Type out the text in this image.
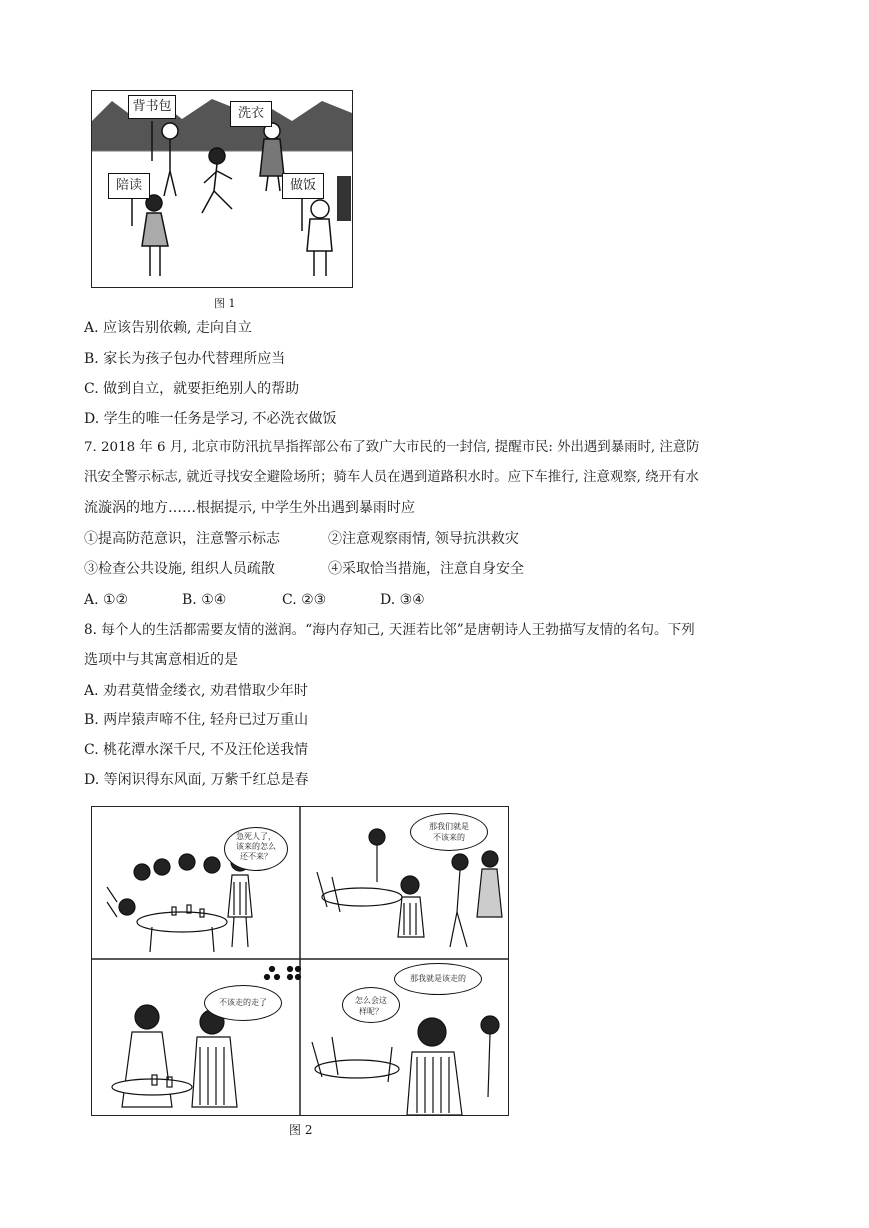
背书包	洗衣
陪读	做饭
图 1
A. 应该告别依赖, 走向自立
B. 家长为孩子包办代替理所应当
C. 做到自立，就要拒绝别人的帮助
D. 学生的唯一任务是学习, 不必洗衣做饭
7. 2018 年 6 月, 北京市防汛抗旱指挥部公布了致广大市民的一封信, 提醒市民: 外出遇到暴雨时, 注意防
汛安全警示标志, 就近寻找安全避险场所；骑车人员在遇到道路积水时。应下车推行, 注意观察, 绕开有水
流漩涡的地方……根据提示, 中学生外出遇到暴雨时应
①提高防范意识，注意警示标志	②注意观察雨情, 领导抗洪救灾
③检查公共设施, 组织人员疏散	④采取恰当措施，注意自身安全
A. ①②	B. ①④	C. ②③	D. ③④
8. 每个人的生活都需要友情的滋润。“海内存知己, 天涯若比邻”是唐朝诗人王勃描写友情的名句。下列
选项中与其寓意相近的是
A. 劝君莫惜金缕衣, 劝君惜取少年时
B. 两岸猿声啼不住, 轻舟已过万重山
C. 桃花潭水深千尺, 不及汪伦送我情
D. 等闲识得东风面, 万紫千红总是春
急死人了，
该来的怎么
还不来？
那我们就是
不该来的
不该走的走了	怎么会这
样呢？
那我就是该走的
图 2
